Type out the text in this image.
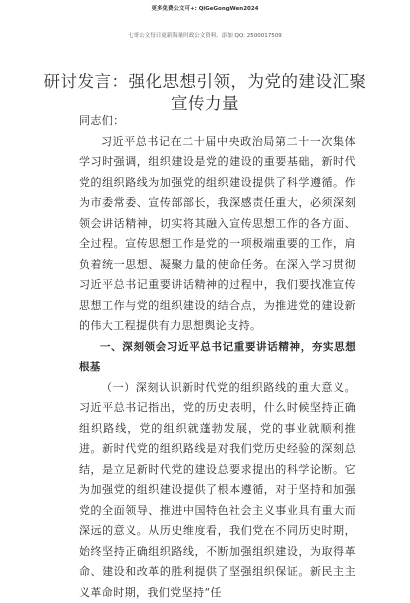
更多免费公文可+: QiGeGongWen2024
七哥公文每日更新海量时政公文资料，添加 QQ: 2500017509
研讨发言：强化思想引领，为党的建设汇聚宣传力量

同志们：

习近平总书记在二十届中央政治局第二十一次集体学习时强调，组织建设是党的建设的重要基础，新时代党的组织路线为加强党的组织建设提供了科学遵循。作为市委常委、宣传部部长，我深感责任重大，必须深刻领会讲话精神，切实将其融入宣传思想工作的各方面、全过程。宣传思想工作是党的一项极端重要的工作，肩负着统一思想、凝聚力量的使命任务。在深入学习贯彻习近平总书记重要讲话精神的过程中，我们要找准宣传思想工作与党的组织建设的结合点，为推进党的建设新的伟大工程提供有力思想舆论支持。

一、深刻领会习近平总书记重要讲话精神，夯实思想根基

（一）深刻认识新时代党的组织路线的重大意义。习近平总书记指出，党的历史表明，什么时候坚持正确组织路线，党的组织就蓬勃发展，党的事业就顺利推进。新时代党的组织路线是对我们党历史经验的深刻总结，是立足新时代党的建设总要求提出的科学论断。它为加强党的组织建设提供了根本遵循，对于坚持和加强党的全面领导、推进中国特色社会主义事业具有重大而深远的意义。从历史维度看，我们党在不同历史时期，始终坚持正确组织路线，不断加强组织建设，为取得革命、建设和改革的胜利提供了坚强组织保证。新民主主义革命时期，我们党坚持“任
